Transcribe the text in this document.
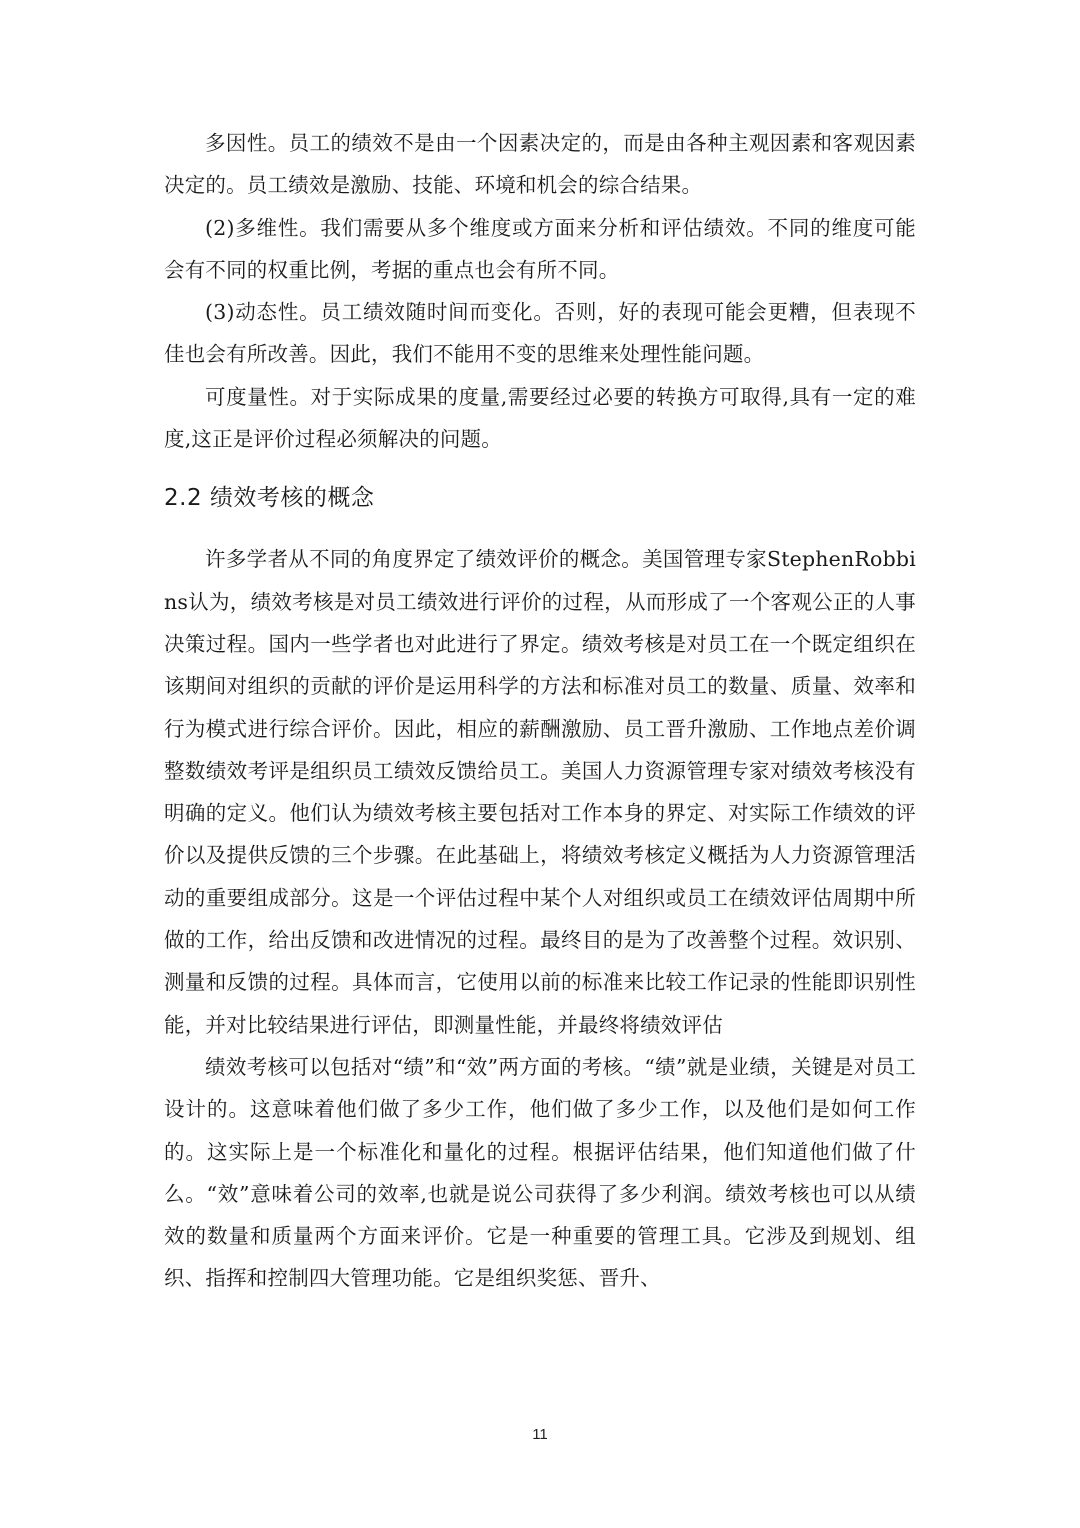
多因性。员工的绩效不是由一个因素决定的，而是由各种主观因素和客观因素决定的。员工绩效是激励、技能、环境和机会的综合结果。

(2)多维性。我们需要从多个维度或方面来分析和评估绩效。不同的维度可能会有不同的权重比例，考据的重点也会有所不同。

(3)动态性。员工绩效随时间而变化。否则，好的表现可能会更糟，但表现不佳也会有所改善。因此，我们不能用不变的思维来处理性能问题。

可度量性。对于实际成果的度量,需要经过必要的转换方可取得,具有一定的难度,这正是评价过程必须解决的问题。

2.2 绩效考核的概念

许多学者从不同的角度界定了绩效评价的概念。美国管理专家StephenRobbins认为，绩效考核是对员工绩效进行评价的过程，从而形成了一个客观公正的人事决策过程。国内一些学者也对此进行了界定。绩效考核是对员工在一个既定组织在该期间对组织的贡献的评价是运用科学的方法和标准对员工的数量、质量、效率和行为模式进行综合评价。因此，相应的薪酬激励、员工晋升激励、工作地点差价调整数绩效考评是组织员工绩效反馈给员工。美国人力资源管理专家对绩效考核没有明确的定义。他们认为绩效考核主要包括对工作本身的界定、对实际工作绩效的评价以及提供反馈的三个步骤。在此基础上，将绩效考核定义概括为人力资源管理活动的重要组成部分。这是一个评估过程中某个人对组织或员工在绩效评估周期中所做的工作，给出反馈和改进情况的过程。最终目的是为了改善整个过程。效识别、测量和反馈的过程。具体而言，它使用以前的标准来比较工作记录的性能即识别性能，并对比较结果进行评估，即测量性能，并最终将绩效评估

绩效考核可以包括对“绩”和“效”两方面的考核。“绩”就是业绩，关键是对员工设计的。这意味着他们做了多少工作，他们做了多少工作，以及他们是如何工作的。这实际上是一个标准化和量化的过程。根据评估结果，他们知道他们做了什么。“效”意味着公司的效率,也就是说公司获得了多少利润。绩效考核也可以从绩效的数量和质量两个方面来评价。它是一种重要的管理工具。它涉及到规划、组织、指挥和控制四大管理功能。它是组织奖惩、晋升、

11
